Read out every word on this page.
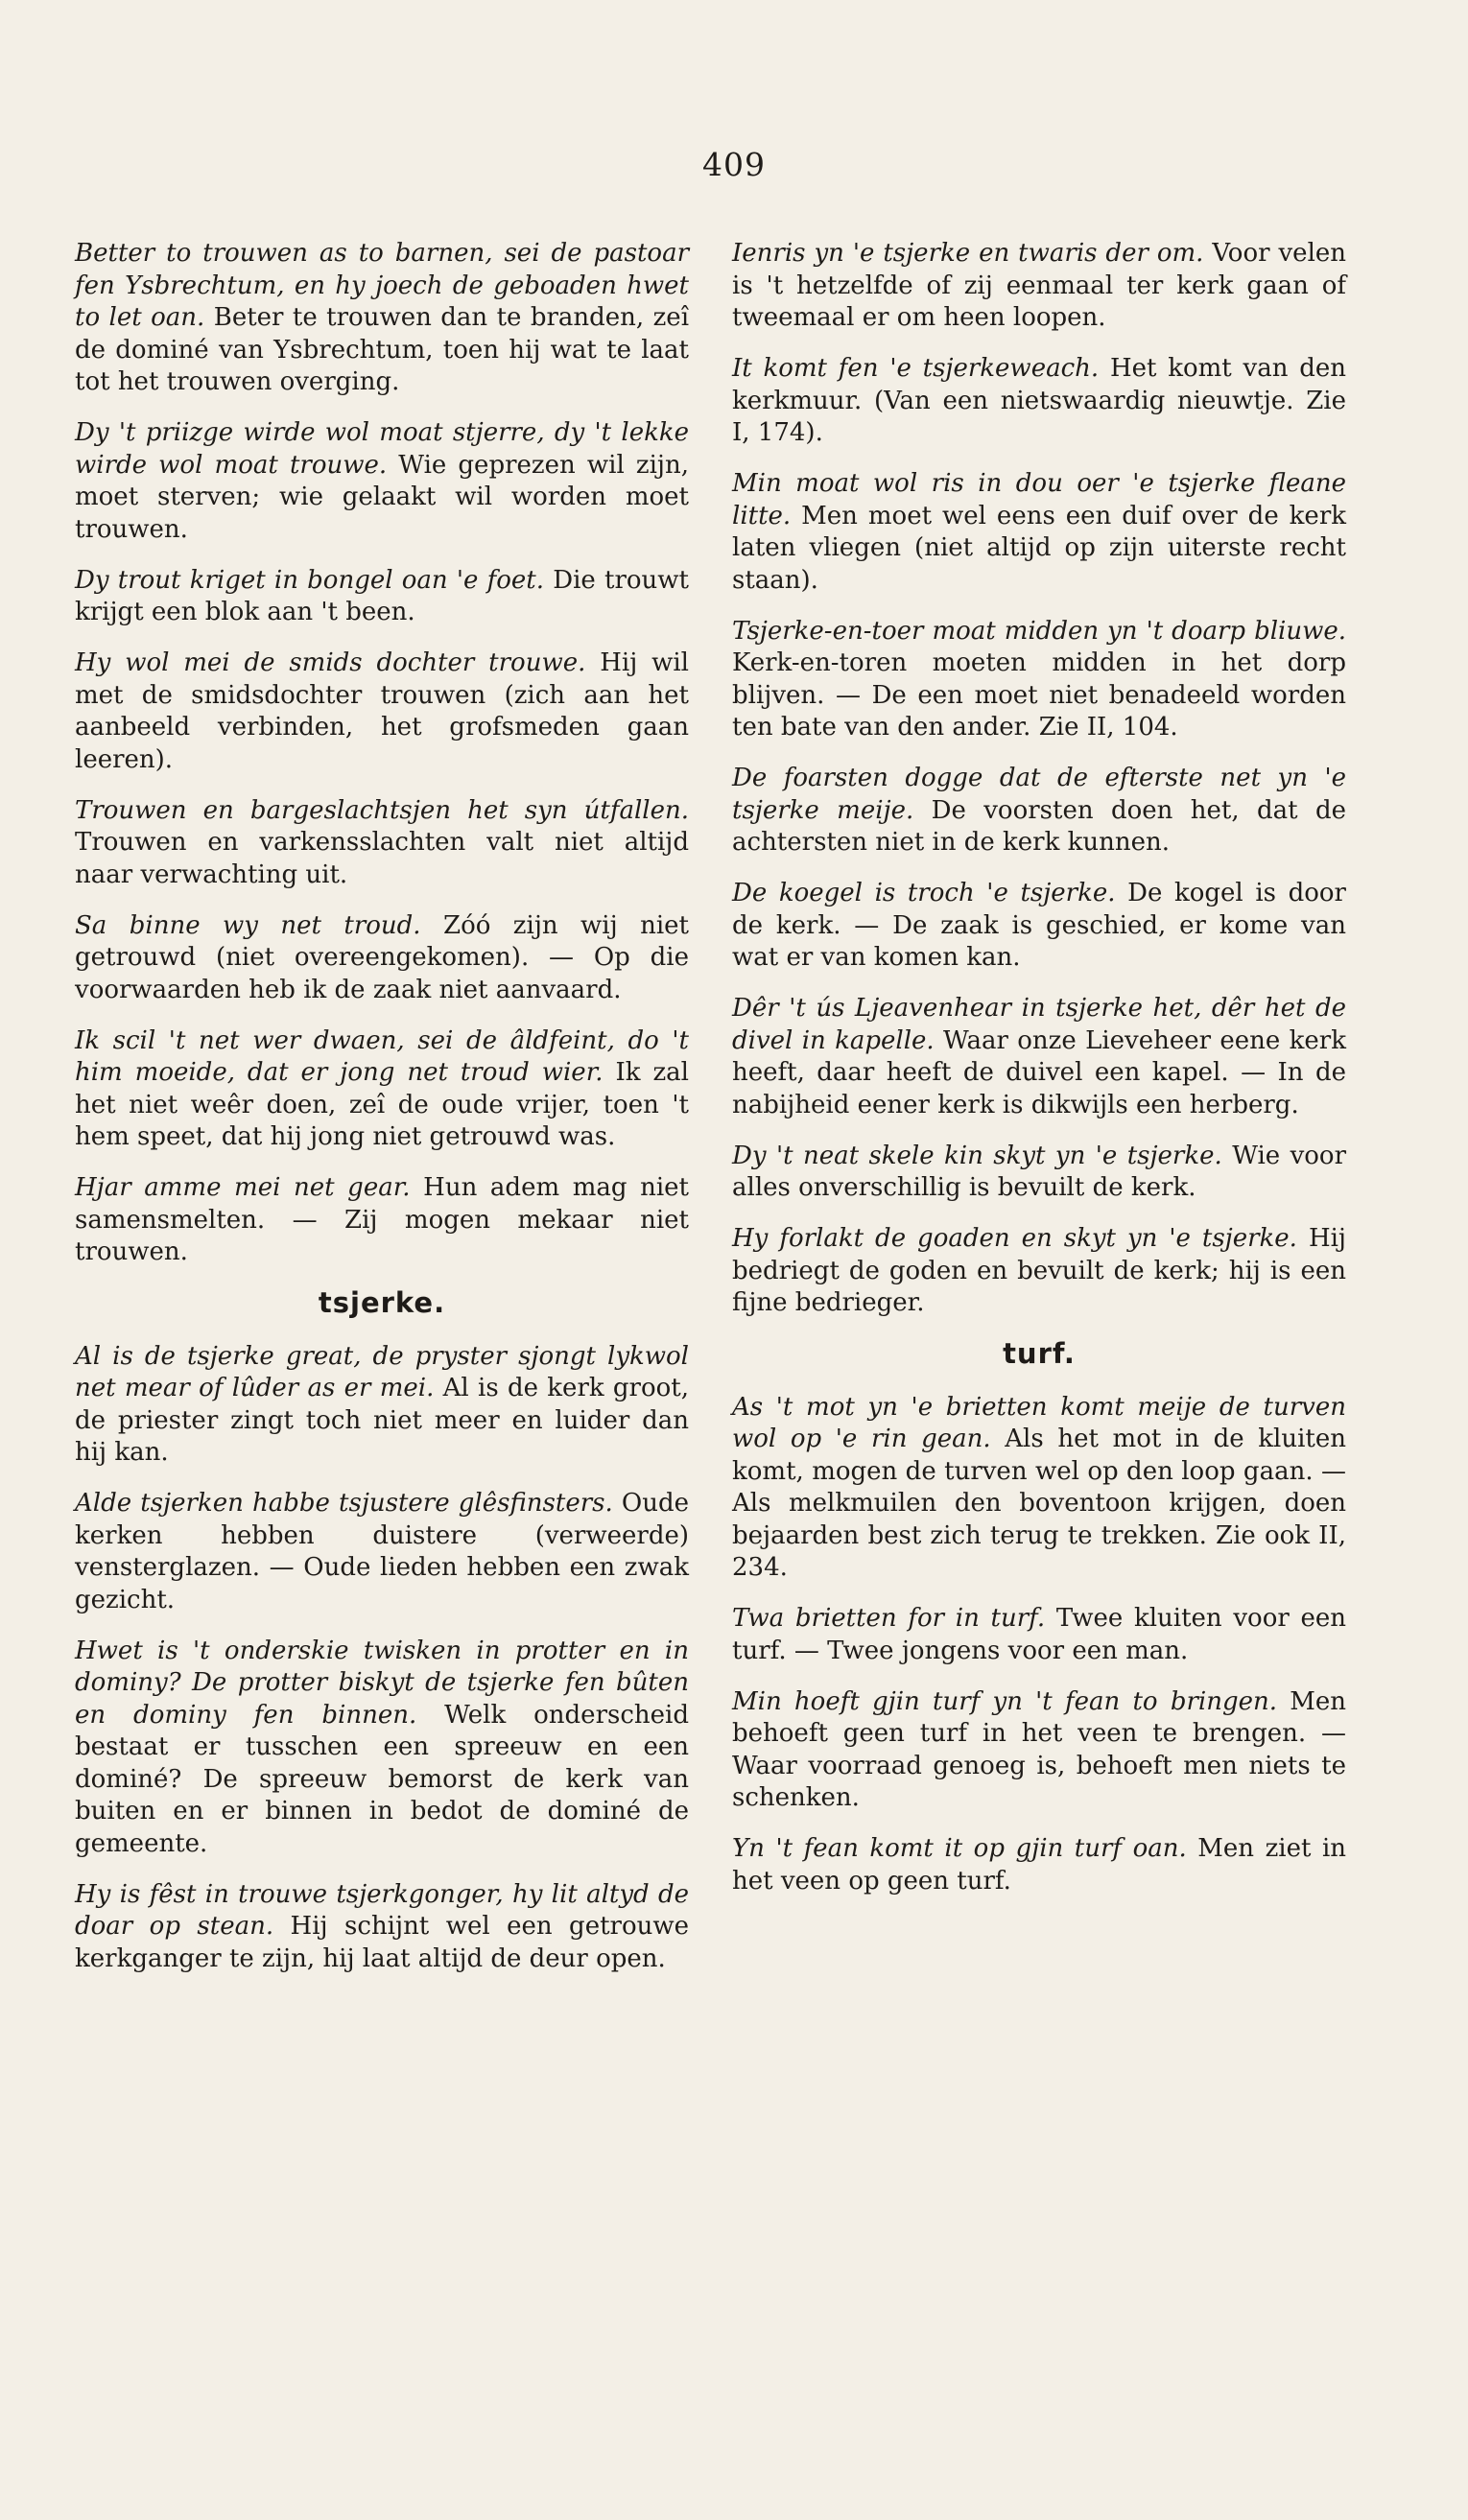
409

Better to trouwen as to barnen, sei de pastoar fen Ysbrechtum, en hy joech de geboaden hwet to let oan. Beter te trouwen dan te branden, zeî de dominé van Ysbrechtum, toen hij wat te laat tot het trouwen overging.

Dy 't priizge wirde wol moat stjerre, dy 't lekke wirde wol moat trouwe. Wie geprezen wil zijn, moet sterven; wie gelaakt wil worden moet trouwen.

Dy trout kriget in bongel oan 'e foet. Die trouwt krijgt een blok aan 't been.

Hy wol mei de smids dochter trouwe. Hij wil met de smidsdochter trouwen (zich aan het aanbeeld verbinden, het grofsmeden gaan leeren).

Trouwen en bargeslachtsjen het syn útfallen. Trouwen en varkensslachten valt niet altijd naar verwachting uit.

Sa binne wy net troud. Zóó zijn wij niet getrouwd (niet overeengekomen). — Op die voorwaarden heb ik de zaak niet aanvaard.

Ik scil 't net wer dwaen, sei de âldfeint, do 't him moeide, dat er jong net troud wier. Ik zal het niet weêr doen, zeî de oude vrijer, toen 't hem speet, dat hij jong niet getrouwd was.

Hjar amme mei net gear. Hun adem mag niet samensmelten. — Zij mogen mekaar niet trouwen.

tsjerke.

Al is de tsjerke great, de pryster sjongt lykwol net mear of lûder as er mei. Al is de kerk groot, de priester zingt toch niet meer en luider dan hij kan.

Alde tsjerken habbe tsjustere glêsfinsters. Oude kerken hebben duistere (verweerde) vensterglazen. — Oude lieden hebben een zwak gezicht.

Hwet is 't onderskie twisken in protter en in dominy? De protter biskyt de tsjerke fen bûten en dominy fen binnen. Welk onderscheid bestaat er tusschen een spreeuw en een dominé? De spreeuw bemorst de kerk van buiten en er binnen in bedot de dominé de gemeente.

Hy is fêst in trouwe tsjerkgonger, hy lit altyd de doar op stean. Hij schijnt wel een getrouwe kerkganger te zijn, hij laat altijd de deur open.

Ienris yn 'e tsjerke en twaris der om. Voor velen is 't hetzelfde of zij eenmaal ter kerk gaan of tweemaal er om heen loopen.

It komt fen 'e tsjerkeweach. Het komt van den kerkmuur. (Van een nietswaardig nieuwtje. Zie I, 174).

Min moat wol ris in dou oer 'e tsjerke fleane litte. Men moet wel eens een duif over de kerk laten vliegen (niet altijd op zijn uiterste recht staan).

Tsjerke-en-toer moat midden yn 't doarp bliuwe. Kerk-en-toren moeten midden in het dorp blijven. — De een moet niet benadeeld worden ten bate van den ander. Zie II, 104.

De foarsten dogge dat de efterste net yn 'e tsjerke meije. De voorsten doen het, dat de achtersten niet in de kerk kunnen.

De koegel is troch 'e tsjerke. De kogel is door de kerk. — De zaak is geschied, er kome van wat er van komen kan.

Dêr 't ús Ljeavenhear in tsjerke het, dêr het de divel in kapelle. Waar onze Lieveheer eene kerk heeft, daar heeft de duivel een kapel. — In de nabijheid eener kerk is dikwijls een herberg.

Dy 't neat skele kin skyt yn 'e tsjerke. Wie voor alles onverschillig is bevuilt de kerk.

Hy forlakt de goaden en skyt yn 'e tsjerke. Hij bedriegt de goden en bevuilt de kerk; hij is een fijne bedrieger.

turf.

As 't mot yn 'e brietten komt meije de turven wol op 'e rin gean. Als het mot in de kluiten komt, mogen de turven wel op den loop gaan. — Als melkmuilen den boventoon krijgen, doen bejaarden best zich terug te trekken. Zie ook II, 234.

Twa brietten for in turf. Twee kluiten voor een turf. — Twee jongens voor een man.

Min hoeft gjin turf yn 't fean to bringen. Men behoeft geen turf in het veen te brengen. — Waar voorraad genoeg is, behoeft men niets te schenken.

Yn 't fean komt it op gjin turf oan. Men ziet in het veen op geen turf.
